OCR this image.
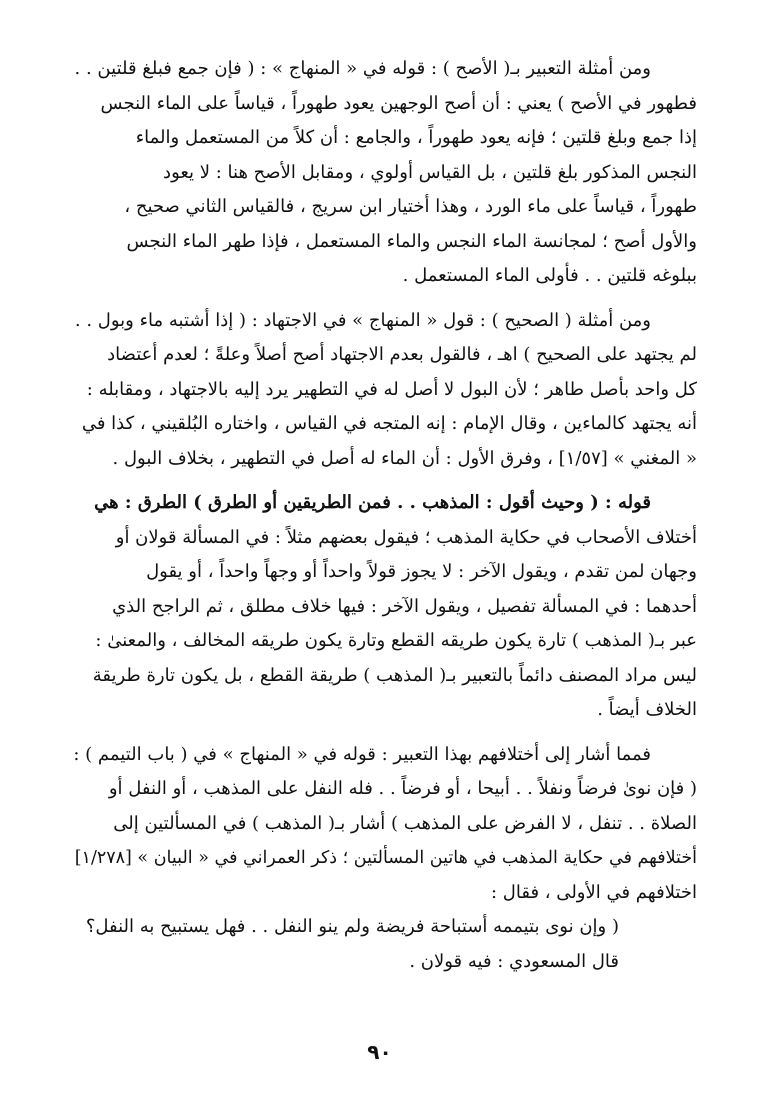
ومن أمثلة التعبير بـ( الأصح ) : قوله في « المنهاج » : ( فإن جمع فبلغ قلتين . .
فطهور في الأصح ) يعني : أن أصح الوجهين يعود طهوراً ، قياساً على الماء النجس
إذا جمع وبلغ قلتين ؛ فإنه يعود طهوراً ، والجامع : أن كلاً من المستعمل والماء
النجس المذكور بلغ قلتين ، بل القياس أولوي ، ومقابل الأصح هنا : لا يعود
طهوراً ، قياساً على ماء الورد ، وهذا أختيار ابن سريج ، فالقياس الثاني صحيح ،
والأول أصح ؛ لمجانسة الماء النجس والماء المستعمل ، فإذا طهر الماء النجس
ببلوغه قلتين . . فأولى الماء المستعمل .
ومن أمثلة ( الصحيح ) : قول « المنهاج » في الاجتهاد : ( إذا أشتبه ماء وبول . .
لم يجتهد على الصحيح ) اهـ ، فالقول بعدم الاجتهاد أصح أصلاً وعلةً ؛ لعدم أعتضاد
كل واحد بأصل طاهر ؛ لأن البول لا أصل له في التطهير يرد إليه بالاجتهاد ، ومقابله :
أنه يجتهد كالماءين ، وقال الإمام : إنه المتجه في القياس ، واختاره البُلقيني ، كذا في
« المغني » [١/٥٧] ، وفرق الأول : أن الماء له أصل في التطهير ، بخلاف البول .
قوله : ( وحيث أقول : المذهب . . فمن الطريقين أو الطرق ) الطرق : هي
أختلاف الأصحاب في حكاية المذهب ؛ فيقول بعضهم مثلاً : في المسألة قولان أو
وجهان لمن تقدم ، ويقول الآخر : لا يجوز قولاً واحداً أو وجهاً واحداً ، أو يقول
أحدهما : في المسألة تفصيل ، ويقول الآخر : فيها خلاف مطلق ، ثم الراجح الذي
عبر بـ( المذهب ) تارة يكون طريقه القطع وتارة يكون طريقه المخالف ، والمعنىٰ :
ليس مراد المصنف دائماً بالتعبير بـ( المذهب ) طريقة القطع ، بل يكون تارة طريقة
الخلاف أيضاً .
فمما أشار إلى أختلافهم بهذا التعبير : قوله في « المنهاج » في ( باب التيمم ) :
( فإن نوىٰ فرضاً ونفلاً . . أبيحا ، أو فرضاً . . فله النفل على المذهب ، أو النفل أو
الصلاة . . تنفل ، لا الفرض على المذهب ) أشار بـ( المذهب ) في المسألتين إلى
أختلافهم في حكاية المذهب في هاتين المسألتين ؛ ذكر العمراني في « البيان » [١/٢٧٨]
اختلافهم في الأولى ، فقال :
( وإن نوى بتيممه أستباحة فريضة ولم ينو النفل . . فهل يستبيح به النفل؟
قال المسعودي : فيه قولان .
٩٠
